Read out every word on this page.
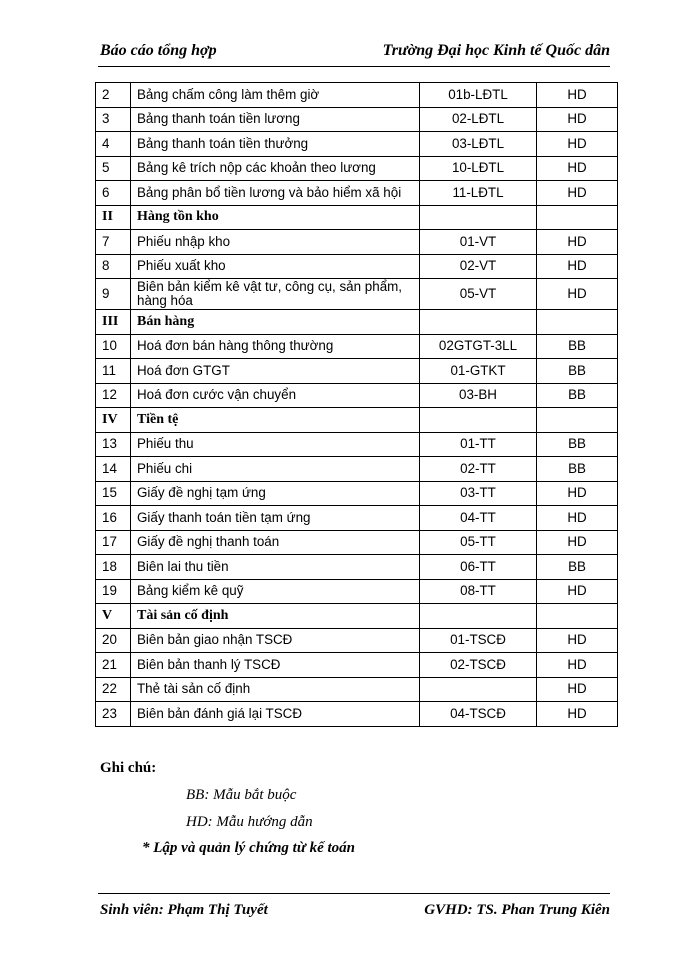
Báo cáo tổng hợp	Trường Đại học Kinh tế Quốc dân
2	Bảng chấm công làm thêm giờ	01b-LĐTL	HD
3	Bảng thanh toán tiền lương	02-LĐTL	HD
4	Bảng thanh toán tiền thưởng	03-LĐTL	HD
5	Bảng kê trích nộp các khoản theo lương	10-LĐTL	HD
6	Bảng phân bổ tiền lương và bảo hiểm xã hội	11-LĐTL	HD
II	Hàng tồn kho		
7	Phiếu nhập kho	01-VT	HD
8	Phiếu xuất kho	02-VT	HD
9	Biên bản kiểm kê vật tư, công cụ, sản phẩm, hàng hóa	05-VT	HD
III	Bán hàng		
10	Hoá đơn bán hàng thông thường	02GTGT-3LL	BB
11	Hoá đơn GTGT	01-GTKT	BB
12	Hoá đơn cước vận chuyển	03-BH	BB
IV	Tiền tệ		
13	Phiếu thu	01-TT	BB
14	Phiếu chi	02-TT	BB
15	Giấy đề nghị tạm ứng	03-TT	HD
16	Giấy thanh toán tiền tạm ứng	04-TT	HD
17	Giấy đề nghị thanh toán	05-TT	HD
18	Biên lai thu tiền	06-TT	BB
19	Bảng kiểm kê quỹ	08-TT	HD
V	Tài sản cố định		
20	Biên bản giao nhận TSCĐ	01-TSCĐ	HD
21	Biên bản thanh lý TSCĐ	02-TSCĐ	HD
22	Thẻ tài sản cố định		HD
23	Biên bản đánh giá lại TSCĐ	04-TSCĐ	HD
Ghi chú:
BB: Mẫu bắt buộc
HD: Mẫu hướng dẫn
* Lập và quản lý chứng từ kế toán
Sinh viên: Phạm Thị Tuyết	GVHD: TS. Phan Trung Kiên
